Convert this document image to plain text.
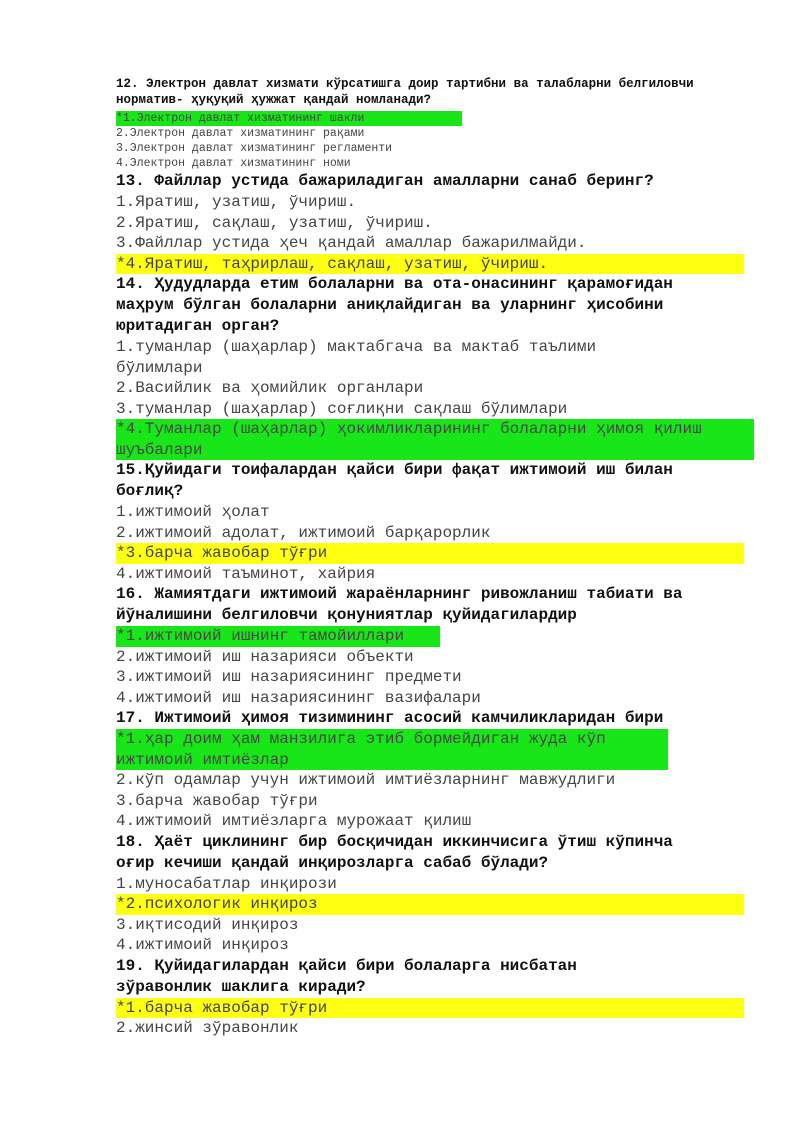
12. Электрон давлат хизмати кўрсатишга доир тартибни ва талабларни белгиловчи норматив- ҳуқуқий ҳужжат қандай номланади?
*1.Электрон давлат хизматининг шакли
2.Электрон давлат хизматининг рақами
3.Электрон давлат хизматининг регламенти
4.Электрон давлат хизматининг номи
13. Файллар устида бажариладиган амалларни санаб беринг?
1.Яратиш, узатиш, ўчириш.
2.Яратиш, сақлаш, узатиш, ўчириш.
3.Файллар устида ҳеч қандай амаллар бажарилмайди.
*4.Яратиш, таҳрирлаш, сақлаш, узатиш, ўчириш.
14. Ҳудудларда етим болаларни ва ота-онасининг қарамоғидан маҳрум бўлган болаларни аниқлайдиган ва уларнинг ҳисобини юритадиган орган?
1.туманлар (шаҳарлар) мактабгача ва мактаб таълими бўлимлари
2.Васийлик ва ҳомийлик органлари
3.туманлар (шаҳарлар) соғлиқни сақлаш бўлимлари
*4.Туманлар (шаҳарлар) ҳокимликларининг болаларни ҳимоя қилиш шуъбалари
15.Қуйидаги тоифалардан қайси бири фақат ижтимоий иш билан боғлиқ?
1.ижтимоий ҳолат
2.ижтимоий адолат, ижтимоий барқарорлик
*3.барча жавобар тўғри
4.ижтимоий таъминот, хайрия
16. Жамиятдаги ижтимоий жараёнларнинг ривожланиш табиати ва йўналишини белгиловчи қонуниятлар қуйидагилардир
*1.ижтимоий ишнинг тамойиллари
2.ижтимоий иш назарияси объекти
3.ижтимоий иш назариясининг предмети
4.ижтимоий иш назариясининг вазифалари
17. Ижтимоий ҳимоя тизимининг асосий камчиликларидан бири
*1.ҳар доим ҳам манзилига этиб бормейдиган жуда кўп ижтимоий имтиёзлар
2.кўп одамлар учун ижтимоий имтиёзларнинг мавжудлиги
3.барча жавобар тўғри
4.ижтимоий имтиёзларга мурожаат қилиш
18. Ҳаёт циклининг бир босқичидан иккинчисига ўтиш кўпинча оғир кечиши қандай инқирозларга сабаб бўлади?
1.муносабатлар инқирози
*2.психологик инқироз
3.иқтисодий инқироз
4.ижтимоий инқироз
19. Қуйидагилардан қайси бири болаларга нисбатан зўравонлик шаклига киради?
*1.барча жавобар тўғри
2.жинсий зўравонлик
